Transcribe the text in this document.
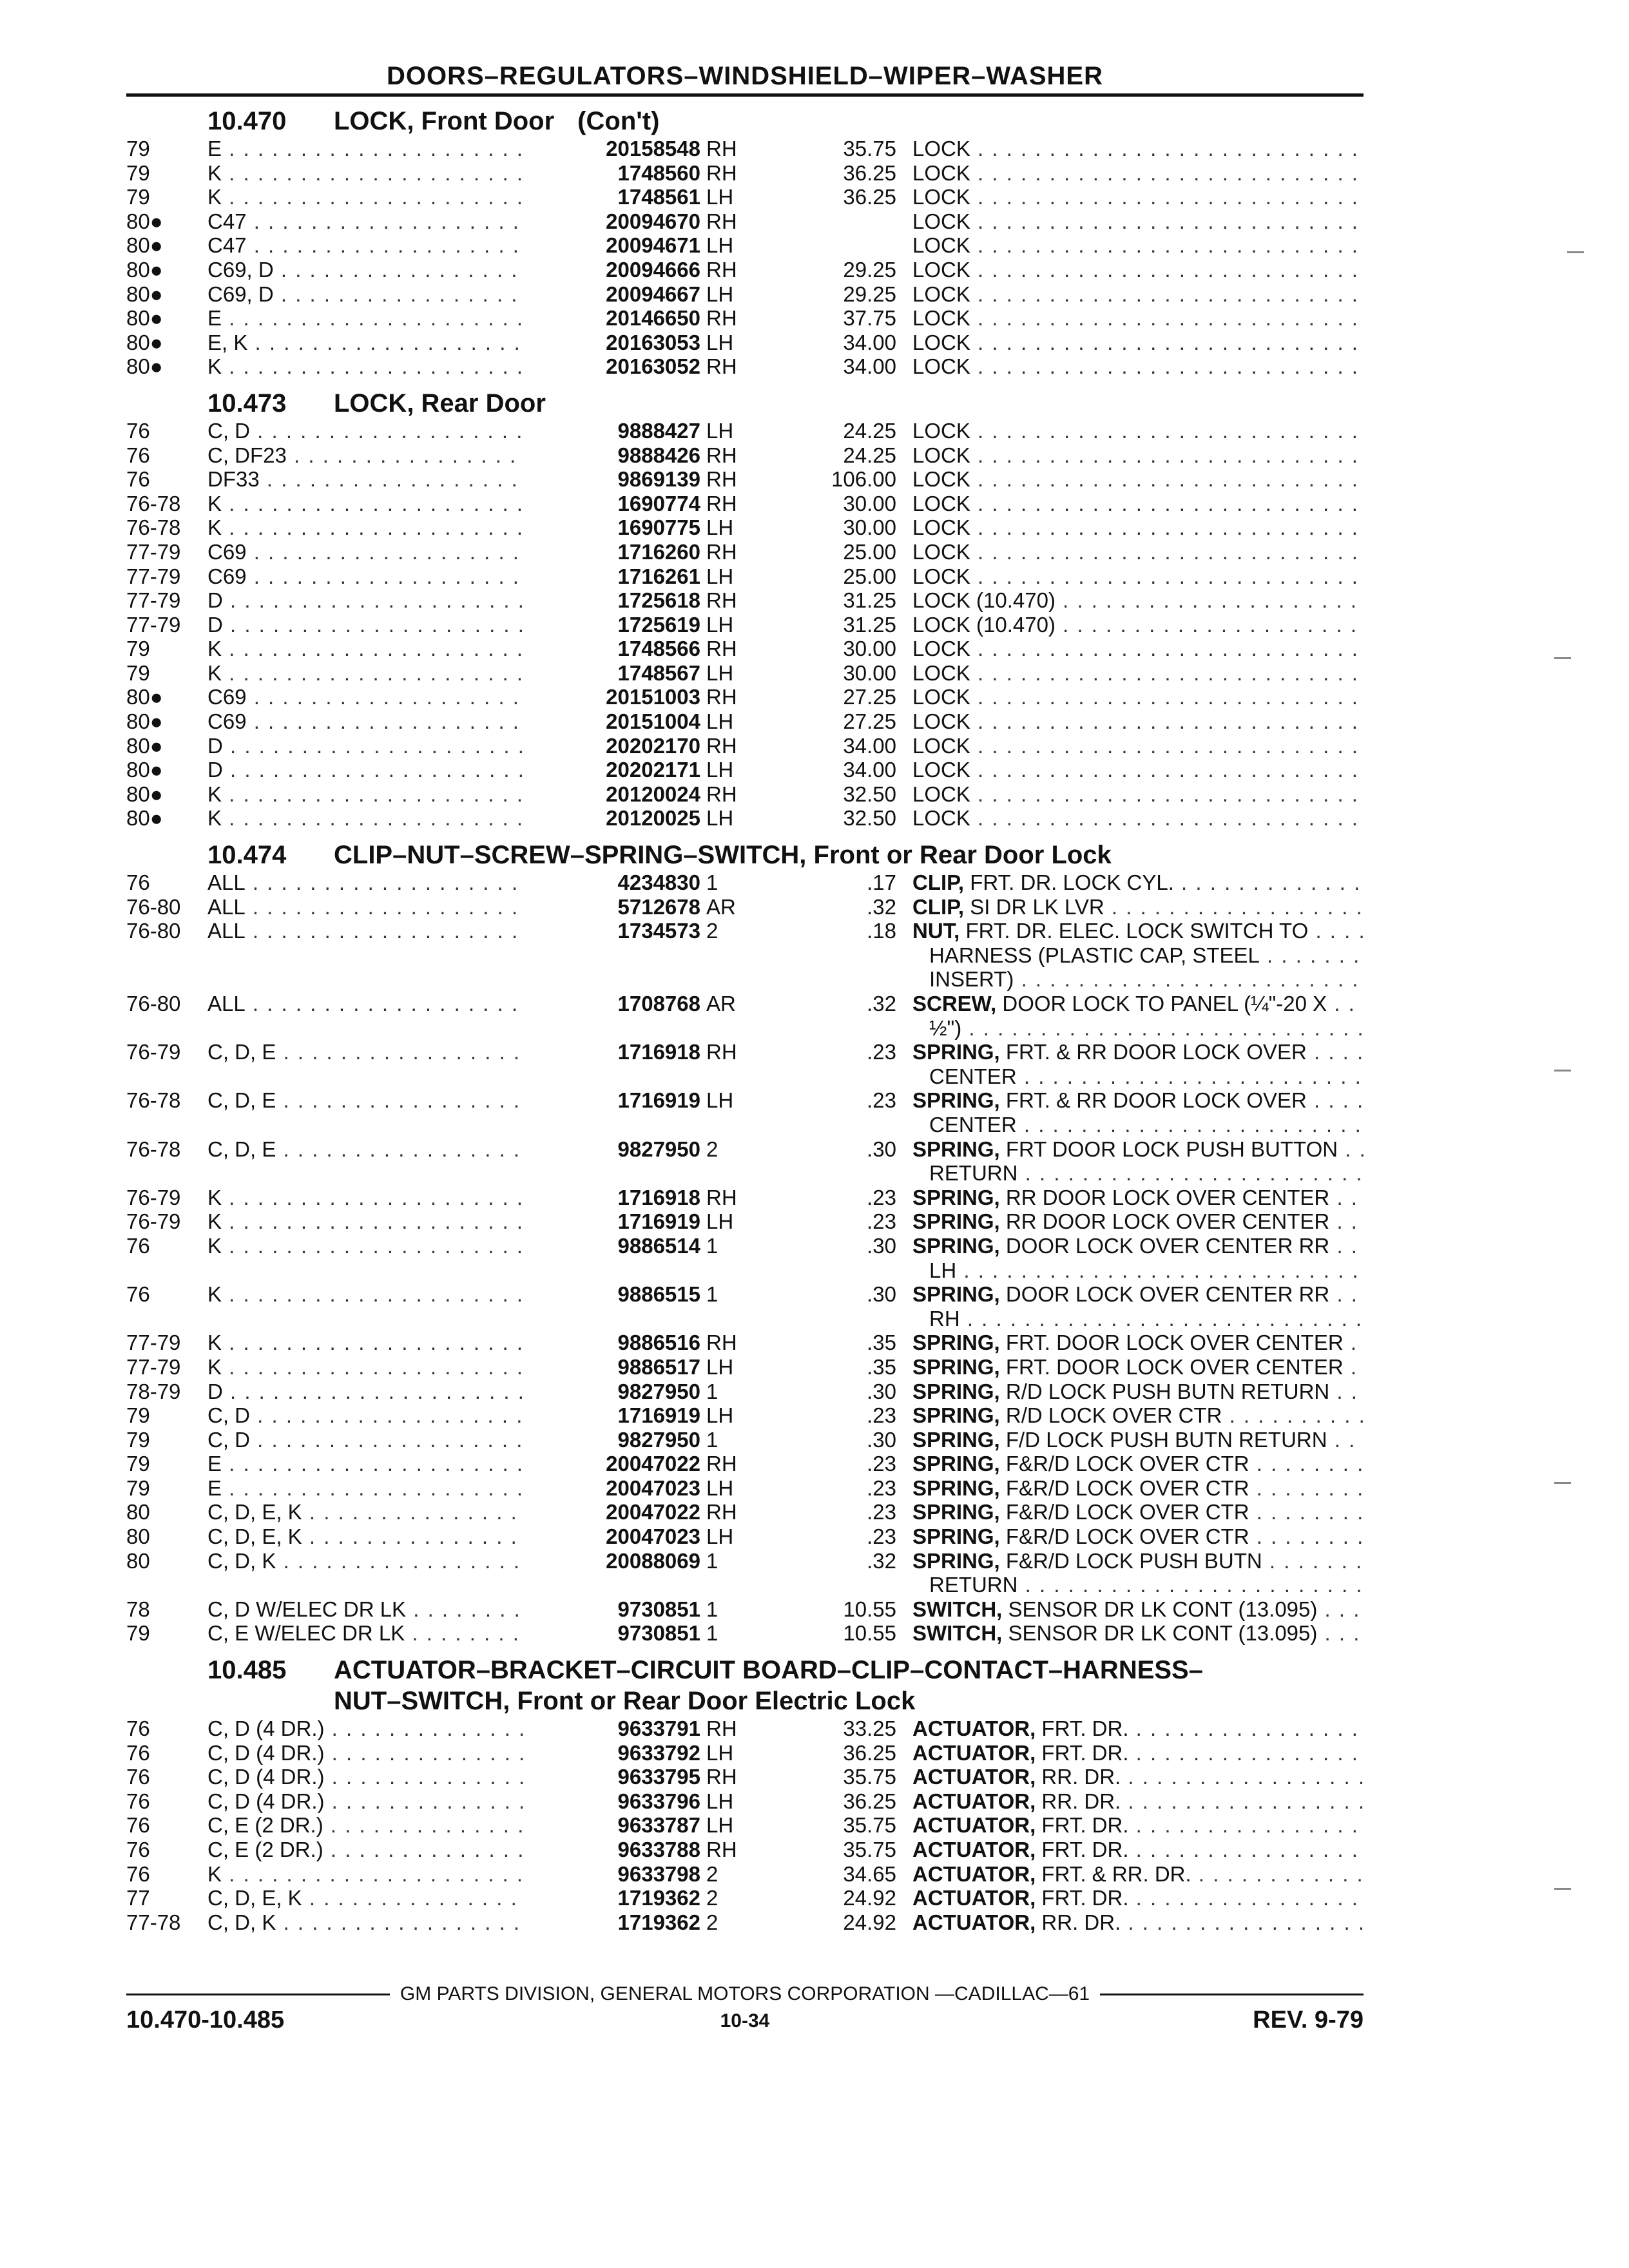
DOORS–REGULATORS–WINDSHIELD–WIPER–WASHER
10.470 LOCK, Front Door (Con't)
79	E . . .	20158548 RH	35.75 LOCK . . .
79	K . . .	1748560 RH	36.25 LOCK . . .
79	K . . .	1748561 LH	36.25 LOCK . . .
80●	C47 . . .	20094670 RH	LOCK . . .
80●	C47 . . .	20094671 LH	LOCK . . .
80●	C69, D . . .	20094666 RH	29.25 LOCK . . .
80●	C69, D . . .	20094667 LH	29.25 LOCK . . .
80●	E . . .	20146650 RH	37.75 LOCK . . .
80●	E, K . . .	20163053 LH	34.00 LOCK . . .
80●	K . . .	20163052 RH	34.00 LOCK . . .
10.473 LOCK, Rear Door
76	C, D . . .	9888427 LH	24.25 LOCK . . .
76	C, DF23 . . .	9888426 RH	24.25 LOCK . . .
76	DF33 . . .	9869139 RH	106.00 LOCK . . .
76-78	K . . .	1690774 RH	30.00 LOCK . . .
76-78	K . . .	1690775 LH	30.00 LOCK . . .
77-79	C69 . . .	1716260 RH	25.00 LOCK . . .
77-79	C69 . . .	1716261 LH	25.00 LOCK . . .
77-79	D . . .	1725618 RH	31.25 LOCK (10.470) . . .
77-79	D . . .	1725619 LH	31.25 LOCK (10.470) . . .
79	K . . .	1748566 RH	30.00 LOCK . . .
79	K . . .	1748567 LH	30.00 LOCK . . .
80●	C69 . . .	20151003 RH	27.25 LOCK . . .
80●	C69 . . .	20151004 LH	27.25 LOCK . . .
80●	D . . .	20202170 RH	34.00 LOCK . . .
80●	D . . .	20202171 LH	34.00 LOCK . . .
80●	K . . .	20120024 RH	32.50 LOCK . . .
80●	K . . .	20120025 LH	32.50 LOCK . . .
10.474 CLIP–NUT–SCREW–SPRING–SWITCH, Front or Rear Door Lock
76	ALL . . .	4234830 1	.17 CLIP, FRT. DR. LOCK CYL. . . .
76-80	ALL . . .	5712678 AR	.32 CLIP, SI DR LK LVR . . .
76-80	ALL . . .	1734573 2	.18 NUT, FRT. DR. ELEC. LOCK SWITCH TO . . .
HARNESS (PLASTIC CAP, STEEL . . .
INSERT) . . .
76-80	ALL . . .	1708768 AR	.32 SCREW, DOOR LOCK TO PANEL (¼"-20 X . . .
½") . . .
76-79	C, D, E . . .	1716918 RH	.23 SPRING, FRT. & RR DOOR LOCK OVER . . .
CENTER . . .
76-78	C, D, E . . .	1716919 LH	.23 SPRING, FRT. & RR DOOR LOCK OVER . . .
CENTER . . .
76-78	C, D, E . . .	9827950 2	.30 SPRING, FRT DOOR LOCK PUSH BUTTON . . .
RETURN . . .
76-79	K . . .	1716918 RH	.23 SPRING, RR DOOR LOCK OVER CENTER . . .
76-79	K . . .	1716919 LH	.23 SPRING, RR DOOR LOCK OVER CENTER . . .
76	K . . .	9886514 1	.30 SPRING, DOOR LOCK OVER CENTER RR . . .
LH . . .
76	K . . .	9886515 1	.30 SPRING, DOOR LOCK OVER CENTER RR . . .
RH . . .
77-79	K . . .	9886516 RH	.35 SPRING, FRT. DOOR LOCK OVER CENTER . . .
77-79	K . . .	9886517 LH	.35 SPRING, FRT. DOOR LOCK OVER CENTER . . .
78-79	D . . .	9827950 1	.30 SPRING, R/D LOCK PUSH BUTN RETURN . . .
79	C, D . . .	1716919 LH	.23 SPRING, R/D LOCK OVER CTR . . .
79	C, D . . .	9827950 1	.30 SPRING, F/D LOCK PUSH BUTN RETURN . . .
79	E . . .	20047022 RH	.23 SPRING, F&R/D LOCK OVER CTR . . .
79	E . . .	20047023 LH	.23 SPRING, F&R/D LOCK OVER CTR . . .
80	C, D, E, K . . .	20047022 RH	.23 SPRING, F&R/D LOCK OVER CTR . . .
80	C, D, E, K . . .	20047023 LH	.23 SPRING, F&R/D LOCK OVER CTR . . .
80	C, D, K . . .	20088069 1	.32 SPRING, F&R/D LOCK PUSH BUTN . . .
RETURN . . .
78	C, D W/ELEC DR LK . . .	9730851 1	10.55 SWITCH, SENSOR DR LK CONT (13.095) . . .
79	C, E W/ELEC DR LK . . .	9730851 1	10.55 SWITCH, SENSOR DR LK CONT (13.095) . . .
10.485 ACTUATOR–BRACKET–CIRCUIT BOARD–CLIP–CONTACT–HARNESS–
NUT–SWITCH, Front or Rear Door Electric Lock
76	C, D (4 DR.) . . .	9633791 RH	33.25 ACTUATOR, FRT. DR. . . .
76	C, D (4 DR.) . . .	9633792 LH	36.25 ACTUATOR, FRT. DR. . . .
76	C, D (4 DR.) . . .	9633795 RH	35.75 ACTUATOR, RR. DR. . . .
76	C, D (4 DR.) . . .	9633796 LH	36.25 ACTUATOR, RR. DR. . . .
76	C, E (2 DR.) . . .	9633787 LH	35.75 ACTUATOR, FRT. DR. . . .
76	C, E (2 DR.) . . .	9633788 RH	35.75 ACTUATOR, FRT. DR. . . .
76	K . . .	9633798 2	34.65 ACTUATOR, FRT. & RR. DR. . . .
77	C, D, E, K . . .	1719362 2	24.92 ACTUATOR, FRT. DR. . . .
77-78	C, D, K . . .	1719362 2	24.92 ACTUATOR, RR. DR. . . .
GM PARTS DIVISION, GENERAL MOTORS CORPORATION —CADILLAC—61
10.470-10.485	10-34	REV. 9-79
